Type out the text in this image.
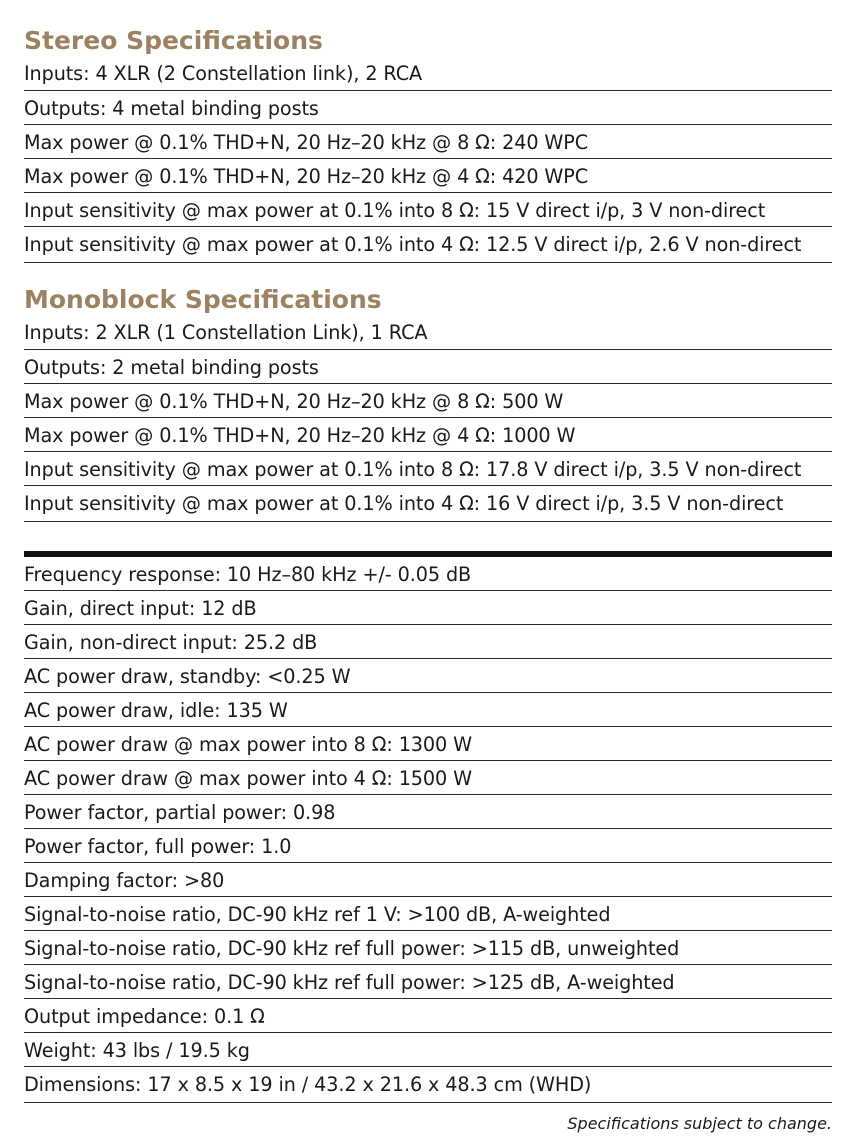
Stereo Specifications
Inputs: 4 XLR (2 Constellation link), 2 RCA
Outputs: 4 metal binding posts
Max power @ 0.1% THD+N, 20 Hz–20 kHz @ 8 Ω: 240 WPC
Max power @ 0.1% THD+N, 20 Hz–20 kHz @ 4 Ω: 420 WPC
Input sensitivity @ max power at 0.1% into 8 Ω: 15 V direct i/p, 3 V non-direct
Input sensitivity @ max power at 0.1% into 4 Ω: 12.5 V direct i/p, 2.6 V non-direct
Monoblock Specifications
Inputs: 2 XLR (1 Constellation Link), 1 RCA
Outputs: 2 metal binding posts
Max power @ 0.1% THD+N, 20 Hz–20 kHz @ 8 Ω: 500 W
Max power @ 0.1% THD+N, 20 Hz–20 kHz @ 4 Ω: 1000 W
Input sensitivity @ max power at 0.1% into 8 Ω: 17.8 V direct i/p, 3.5 V non-direct
Input sensitivity @ max power at 0.1% into 4 Ω: 16 V direct i/p, 3.5 V non-direct
Frequency response: 10 Hz–80 kHz +/- 0.05 dB
Gain, direct input: 12 dB
Gain, non-direct input: 25.2 dB
AC power draw, standby: <0.25 W
AC power draw, idle: 135 W
AC power draw @ max power into 8 Ω: 1300 W
AC power draw @ max power into 4 Ω: 1500 W
Power factor, partial power: 0.98
Power factor, full power: 1.0
Damping factor: >80
Signal-to-noise ratio, DC-90 kHz ref 1 V: >100 dB, A-weighted
Signal-to-noise ratio, DC-90 kHz ref full power: >115 dB, unweighted
Signal-to-noise ratio, DC-90 kHz ref full power: >125 dB, A-weighted
Output impedance: 0.1 Ω
Weight: 43 lbs / 19.5 kg
Dimensions: 17 x 8.5 x 19 in / 43.2 x 21.6 x 48.3 cm (WHD)
Specifications subject to change.
